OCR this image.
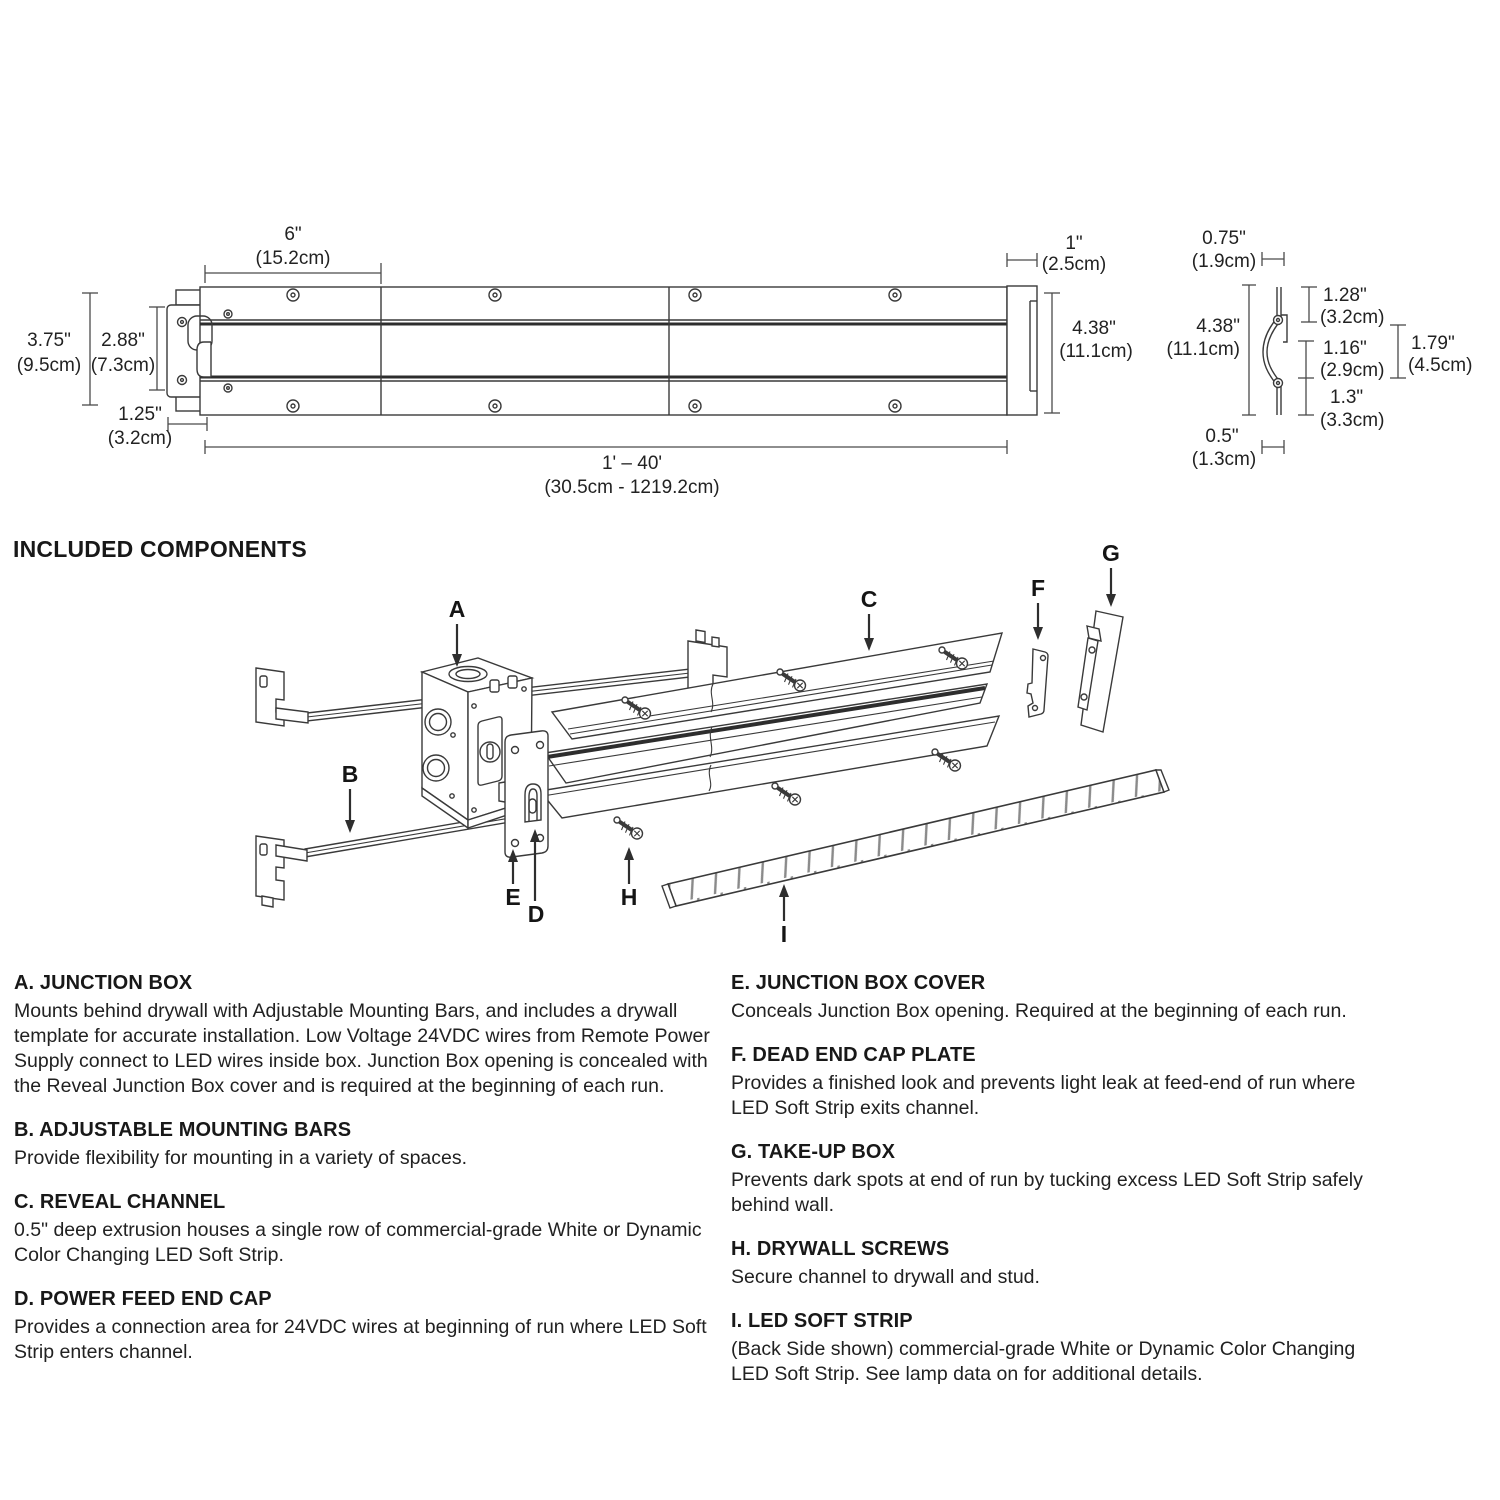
6"
(15.2cm)
3.75"
(9.5cm)
2.88"
(7.3cm)
1.25"
(3.2cm)
1' – 40'
(30.5cm - 1219.2cm)
1"
(2.5cm)
4.38"
(11.1cm)
0.75"
(1.9cm)
4.38"
(11.1cm)
1.28"
(3.2cm)
1.16"
(2.9cm)
1.3"
(3.3cm)
1.79"
(4.5cm)
0.5"
(1.3cm)
A
B
C	F
G
E
D
H
I
INCLUDED COMPONENTS
A. JUNCTION BOX

Mounts behind drywall with Adjustable Mounting Bars, and includes a drywall template for accurate installation. Low Voltage 24VDC wires from Remote Power Supply connect to LED wires inside box. Junction Box opening is concealed with the Reveal Junction Box cover and is required at the beginning of each run.

B. ADJUSTABLE MOUNTING BARS

Provide flexibility for mounting in a variety of spaces.

C. REVEAL CHANNEL

0.5" deep extrusion houses a single row of commercial-grade White or Dynamic Color Changing LED Soft Strip.

D. POWER FEED END CAP

Provides a connection area for 24VDC wires at beginning of run where LED Soft Strip enters channel.

E. JUNCTION BOX COVER

Conceals Junction Box opening. Required at the beginning of each run.

F. DEAD END CAP PLATE

Provides a finished look and prevents light leak at feed-end of run where LED Soft Strip exits channel.

G. TAKE-UP BOX

Prevents dark spots at end of run by tucking excess LED Soft Strip safely behind wall.

H. DRYWALL SCREWS

Secure channel to drywall and stud.

I. LED SOFT STRIP

(Back Side shown) commercial-grade White or Dynamic Color Changing LED Soft Strip. See lamp data on for additional details.
